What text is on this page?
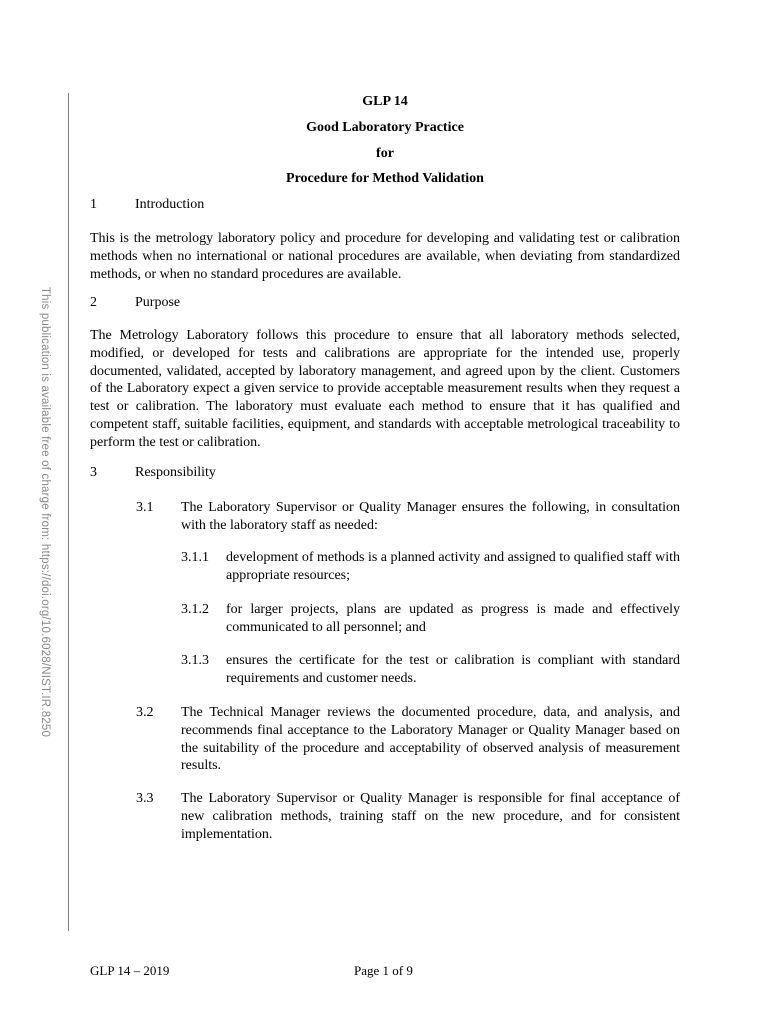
This publication is available free of charge from: https://doi.org/10.6028/NIST.IR.8250
GLP 14
Good Laboratory Practice
for
Procedure for Method Validation
1	Introduction
This is the metrology laboratory policy and procedure for developing and validating test or calibration methods when no international or national procedures are available, when deviating from standardized methods, or when no standard procedures are available.
2	Purpose
The Metrology Laboratory follows this procedure to ensure that all laboratory methods selected, modified, or developed for tests and calibrations are appropriate for the intended use, properly documented, validated, accepted by laboratory management, and agreed upon by the client. Customers of the Laboratory expect a given service to provide acceptable measurement results when they request a test or calibration. The laboratory must evaluate each method to ensure that it has qualified and competent staff, suitable facilities, equipment, and standards with acceptable metrological traceability to perform the test or calibration.
3	Responsibility
3.1 The Laboratory Supervisor or Quality Manager ensures the following, in consultation with the laboratory staff as needed:
3.1.1 development of methods is a planned activity and assigned to qualified staff with appropriate resources;
3.1.2 for larger projects, plans are updated as progress is made and effectively communicated to all personnel; and
3.1.3 ensures the certificate for the test or calibration is compliant with standard requirements and customer needs.
3.2 The Technical Manager reviews the documented procedure, data, and analysis, and recommends final acceptance to the Laboratory Manager or Quality Manager based on the suitability of the procedure and acceptability of observed analysis of measurement results.
3.3 The Laboratory Supervisor or Quality Manager is responsible for final acceptance of new calibration methods, training staff on the new procedure, and for consistent implementation.
GLP 14 – 2019	Page 1 of 9
